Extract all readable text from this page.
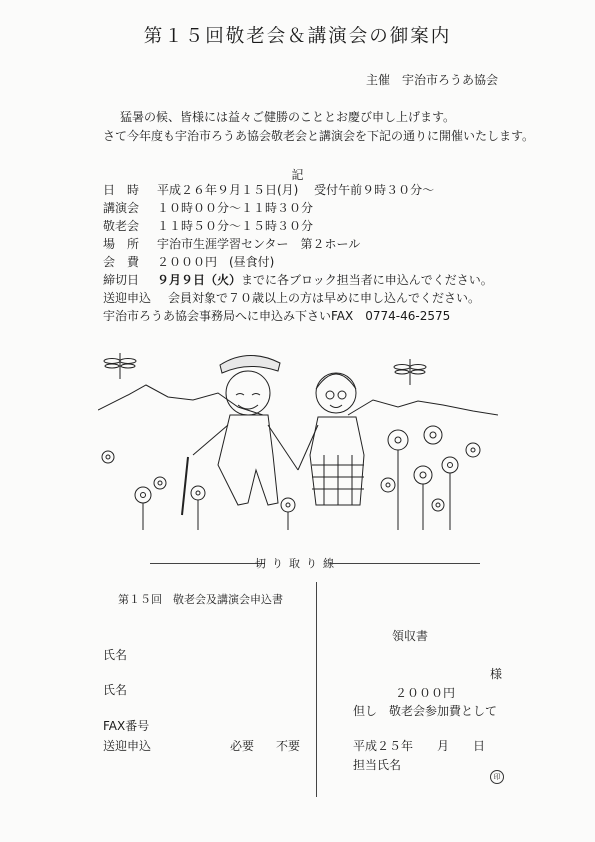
第１５回敬老会＆講演会の御案内
主催　宇治市ろうあ協会
猛暑の候、皆様には益々ご健勝のこととお慶び申し上げます。
さて今年度も宇治市ろうあ協会敬老会と講演会を下記の通りに開催いたします。
記
日　時	平成２６年９月１５日(月)　 受付午前９時３０分～
講演会	１０時００分～１１時３０分
敬老会	１１時５０分～１５時３０分
場　所	宇治市生涯学習センター　第２ホール
会　費	２０００円　(昼食付)
締切日	９月９日（火）までに各ブロック担当者に申込んでください。
送迎申込	会員対象で７０歳以上の方は早めに申し込んでください。
宇治市ろうあ協会事務局へに申込み下さいFAX　0774-46-2575
切り取り線
第１５回　敬老会及講演会申込書
氏名
氏名
FAX番号
送迎申込	必要 不要
領収書
様
２０００円
但し　敬老会参加費として
平成２５年　　月　　日
担当氏名
印
